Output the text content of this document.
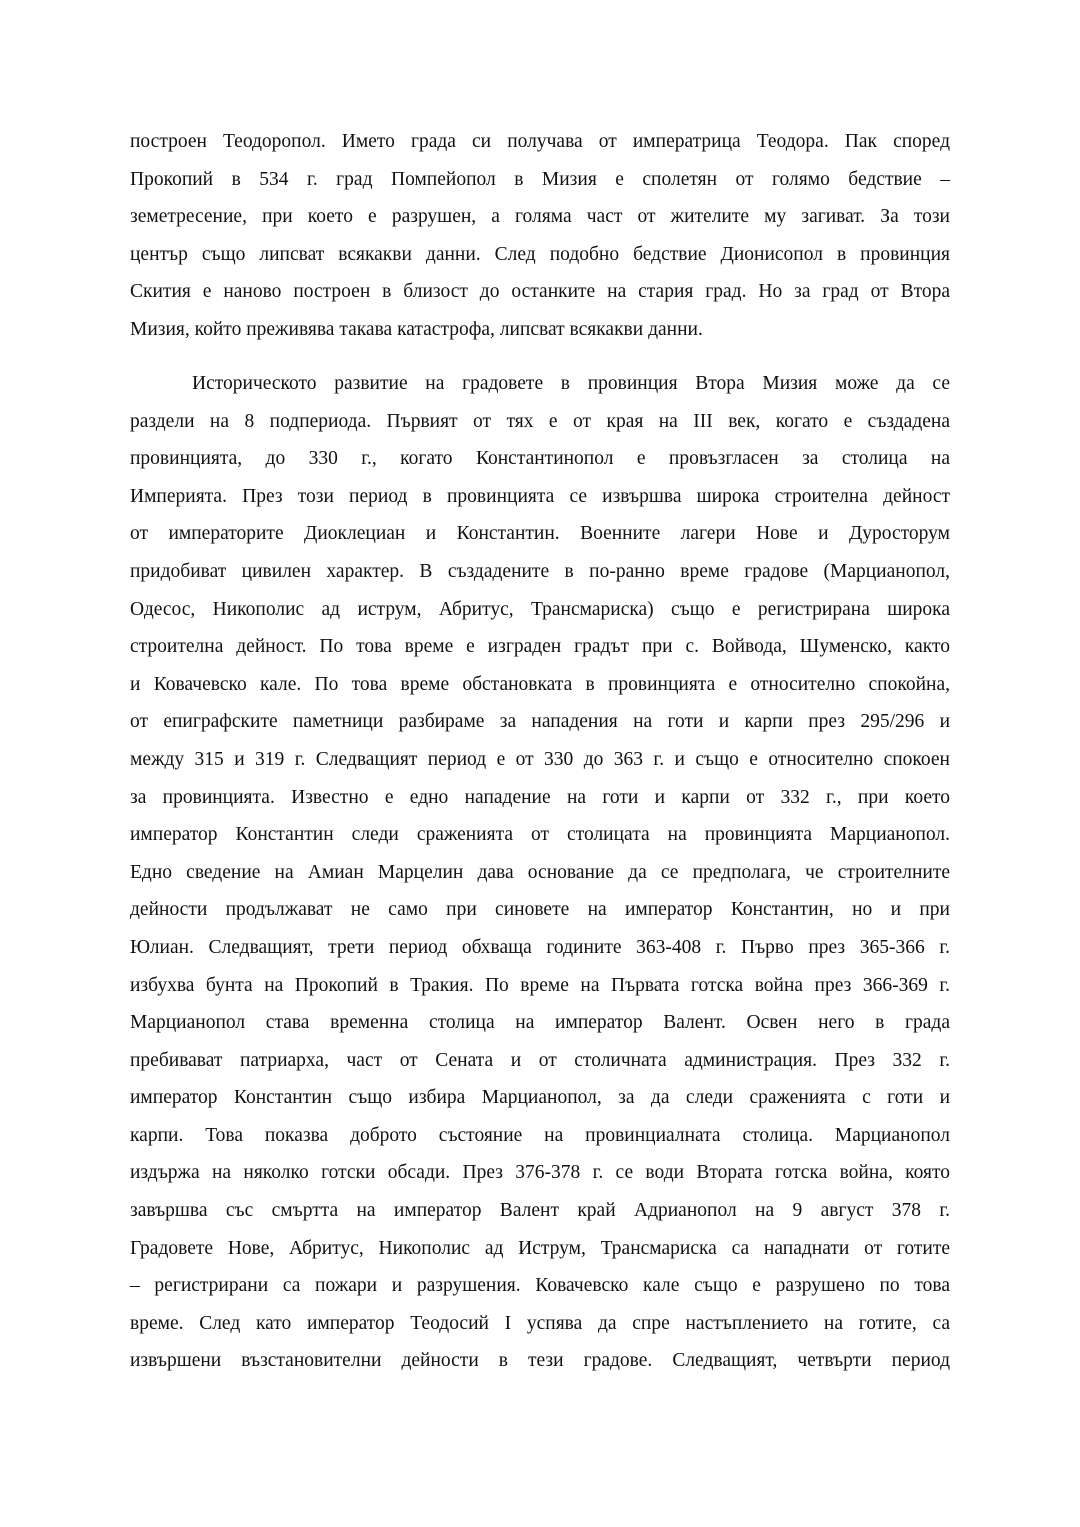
построен Теодоропол. Името града си получава от императрица Теодора. Пак според
Прокопий в 534 г. град Помпейопол в Мизия е сполетян от голямо бедствие –
земетресение, при което е разрушен, а голяма част от жителите му загиват. За този
център също липсват всякакви данни. След подобно бедствие Дионисопол в провинция
Скития е наново построен в близост до останките на стария град. Но за град от Втора
Мизия, който преживява такава катастрофа, липсват всякакви данни.
Историческото развитие на градовете в провинция Втора Мизия може да се
раздели на 8 подпериода. Първият от тях е от края на III век, когато е създадена
провинцията, до 330 г., когато Константинопол е провъзгласен за столица на
Империята. През този период в провинцията се извършва широка строителна дейност
от императорите Диоклециан и Константин. Военните лагери Нове и Дуросторум
придобиват цивилен характер. В създадените в по-ранно време градове (Марцианопол,
Одесос, Никополис ад иструм, Абритус, Трансмариска) също е регистрирана широка
строителна дейност. По това време е изграден градът при с. Войвода, Шуменско, както
и Ковачевско кале. По това време обстановката в провинцията е относително спокойна,
от епиграфските паметници разбираме за нападения на готи и карпи през 295/296 и
между 315 и 319 г. Следващият период е от 330 до 363 г. и също е относително спокоен
за провинцията. Известно е едно нападение на готи и карпи от 332 г., при което
император Константин следи сраженията от столицата на провинцията Марцианопол.
Едно сведение на Амиан Марцелин дава основание да се предполага, че строителните
дейности продължават не само при синовете на император Константин, но и при
Юлиан. Следващият, трети период обхваща годините 363-408 г. Първо през 365-366 г.
избухва бунта на Прокопий в Тракия. По време на Първата готска война през 366-369 г.
Марцианопол става временна столица на император Валент. Освен него в града
пребивават патриарха, част от Сената и от столичната администрация. През 332 г.
император Константин също избира Марцианопол, за да следи сраженията с готи и
карпи. Това показва доброто състояние на провинциалната столица. Марцианопол
издържа на няколко готски обсади. През 376-378 г. се води Втората готска война, която
завършва със смъртта на император Валент край Адрианопол на 9 август 378 г.
Градовете Нове, Абритус, Никополис ад Иструм, Трансмариска са нападнати от готите
– регистрирани са пожари и разрушения. Ковачевско кале също е разрушено по това
време. След като император Теодосий I успява да спре настъплението на готите, са
извършени възстановителни дейности в тези градове. Следващият, четвърти период
